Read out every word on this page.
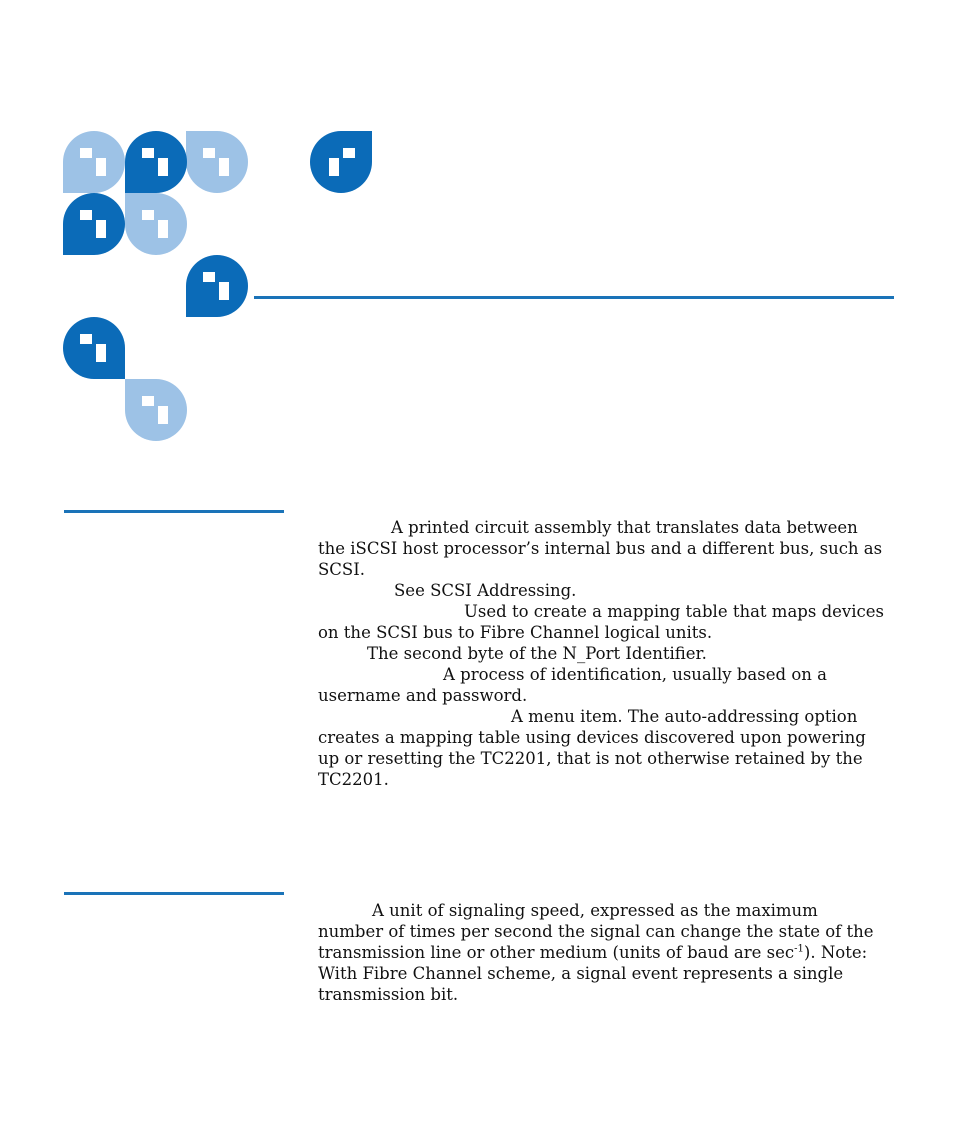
A printed circuit assembly that translates data between the iSCSI host processor’s internal bus and a different bus, such as SCSI.

See SCSI Addressing.

Used to create a mapping table that maps devices on the SCSI bus to Fibre Channel logical units.

The second byte of the N_Port Identifier.

A process of identification, usually based on a username and password.

A menu item. The auto-addressing option creates a mapping table using devices discovered upon powering up or resetting the TC2201, that is not otherwise retained by the TC2201.

A unit of signaling speed, expressed as the maximum number of times per second the signal can change the state of the transmission line or other medium (units of baud are $\sec^{-1}$). Note: With Fibre Channel scheme, a signal event represents a single transmission bit.
